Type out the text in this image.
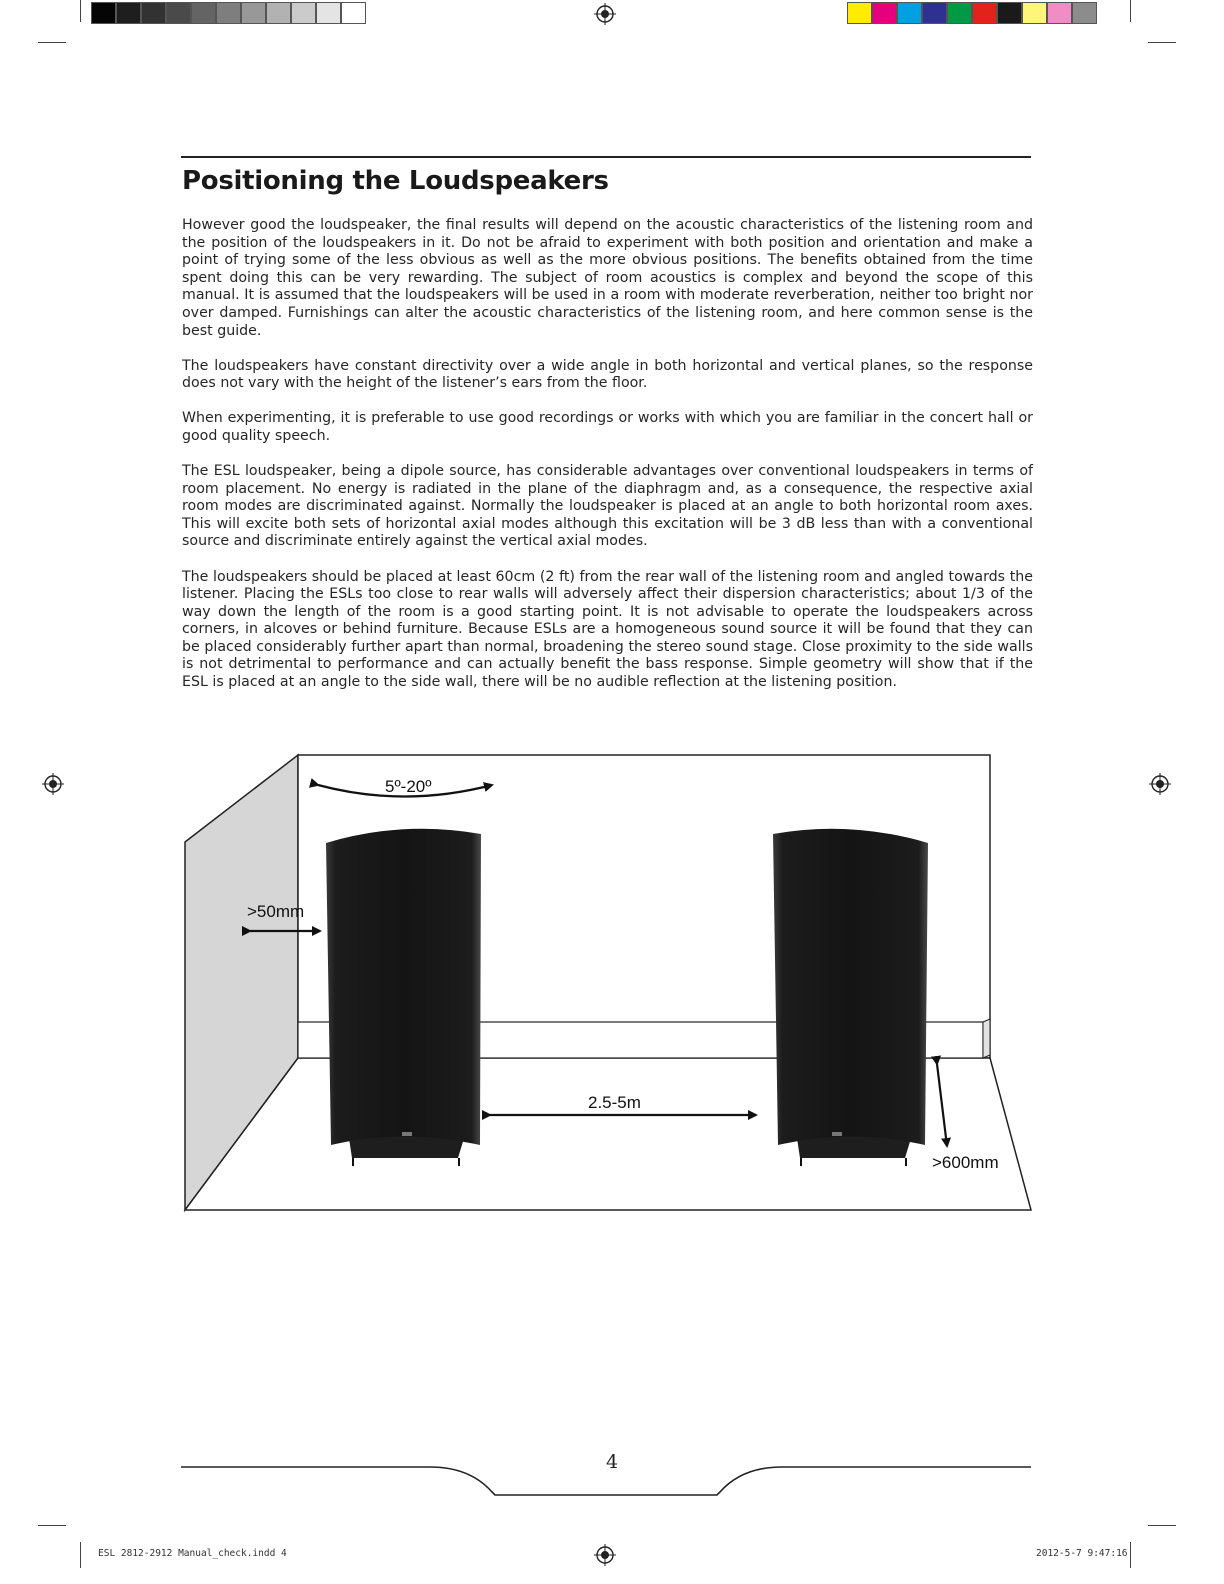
Positioning the Loudspeakers

However good the loudspeaker, the final results will depend on the acoustic characteristics of the listening room and the position of the loudspeakers in it. Do not be afraid to experiment with both position and orientation and make a point of trying some of the less obvious as well as the more obvious positions. The benefits obtained from the time spent doing this can be very rewarding. The subject of room acoustics is complex and beyond the scope of this manual. It is assumed that the loudspeakers will be used in a room with moderate reverberation, neither too bright nor over damped. Furnishings can alter the acoustic characteristics of the listening room, and here common sense is the best guide.

The loudspeakers have constant directivity over a wide angle in both horizontal and vertical planes, so the response does not vary with the height of the listener’s ears from the floor.

When experimenting, it is preferable to use good recordings or works with which you are familiar in the concert hall or good quality speech.

The ESL loudspeaker, being a dipole source, has considerable advantages over conventional loudspeakers in terms of room placement. No energy is radiated in the plane of the diaphragm and, as a consequence, the respective axial room modes are discriminated against. Normally the loudspeaker is placed at an angle to both horizontal room axes. This will excite both sets of horizontal axial modes although this excitation will be 3 dB less than with a conventional source and discriminate entirely against the vertical axial modes.

The loudspeakers should be placed at least 60cm (2 ft) from the rear wall of the listening room and angled towards the listener. Placing the ESLs too close to rear walls will adversely affect their dispersion characteristics; about 1/3 of the way down the length of the room is a good starting point. It is not advisable to operate the loudspeakers across corners, in alcoves or behind furniture. Because ESLs are a homogeneous sound source it will be found that they can be placed considerably further apart than normal, broadening the stereo sound stage. Close proximity to the side walls is not detrimental to performance and can actually benefit the bass response. Simple geometry will show that if the ESL is placed at an angle to the side wall, there will be no audible reflection at the listening position.

5º-20º
>50mm
2.5-5m
>600mm
4
ESL 2812-2912 Manual_check.indd 4	2012-5-7 9:47:16
